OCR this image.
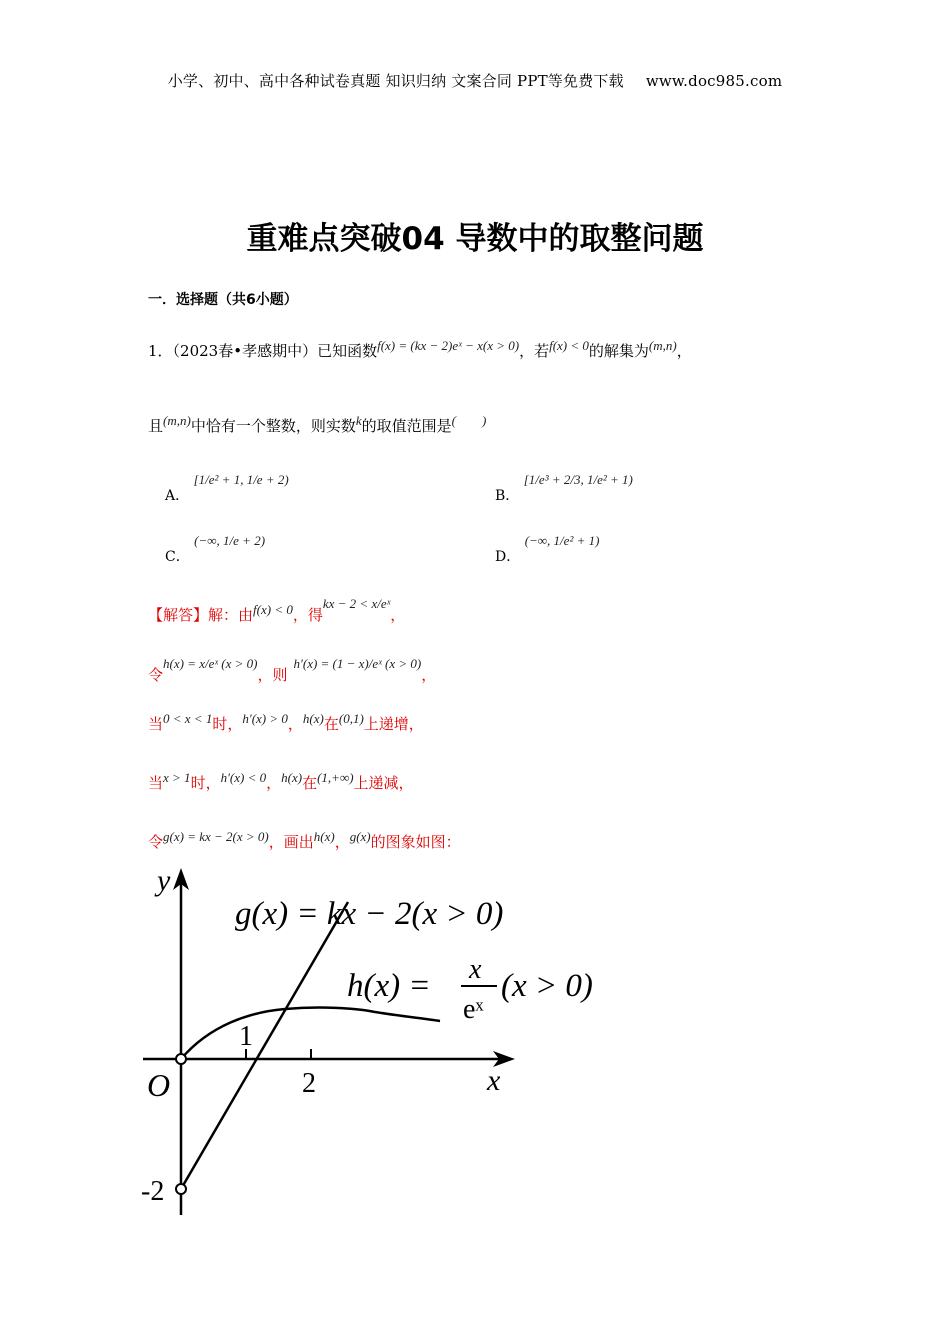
小学、初中、高中各种试卷真题 知识归纳 文案合同 PPT等免费下载 www.doc985.com
重难点突破04 导数中的取整问题
一．选择题（共6小题）
1．（2023春•孝感期中）已知函数f(x) = (kx − 2)eˣ − x(x > 0)，若f(x) < 0的解集为(m,n)，
且(m,n)中恰有一个整数，则实数k的取值范围是(　　)
A． [1/e² + 1, 1/e + 2)
B． [1/e³ + 2/3, 1/e² + 1)
C． (−∞, 1/e + 2)
D． (−∞, 1/e² + 1)
【解答】解：由f(x) < 0，得kx − 2 < x/eˣ，
令h(x) = x/eˣ (x > 0)，则h′(x) = (1 − x)/eˣ (x > 0)，
当0 < x < 1时，h′(x) > 0，h(x)在(0,1)上递增，
当x > 1时，h′(x) < 0，h(x)在(1,+∞)上递减，
令g(x) = kx − 2(x > 0)，画出h(x)，g(x)的图象如图：
y
x
O
1
2
-2
g(x) = kx − 2(x > 0)
h(x) = x
eˣ
(x > 0)
